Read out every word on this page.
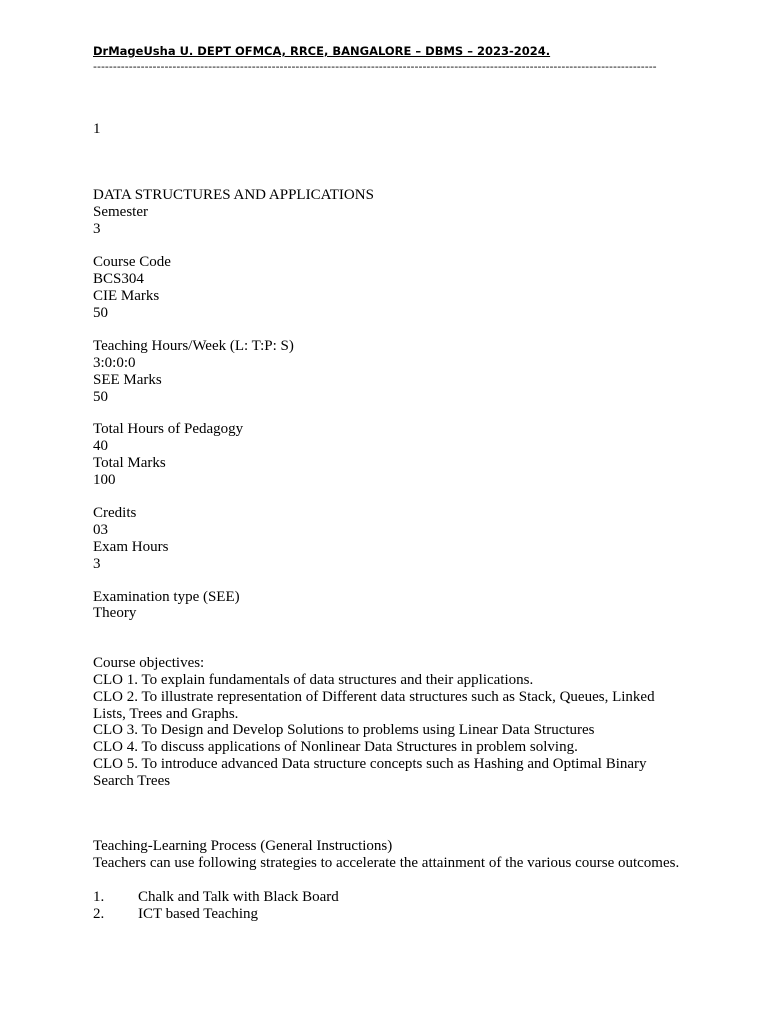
DrMageUsha U. DEPT OFMCA, RRCE, BANGALORE – DBMS – 2023-2024.
----------------------------------------------------------------------------------------------------------------------------------------------
1
DATA STRUCTURES AND APPLICATIONS
Semester
3
Course Code
BCS304
CIE Marks
50
Teaching Hours/Week (L: T:P: S)
3:0:0:0
SEE Marks
50
Total Hours of Pedagogy
40
Total Marks
100
Credits
03
Exam Hours
3
Examination type (SEE)
Theory
Course objectives:
CLO 1. To explain fundamentals of data structures and their applications.
CLO 2. To illustrate representation of Different data structures such as Stack, Queues, Linked Lists, Trees and Graphs.
CLO 3. To Design and Develop Solutions to problems using Linear Data Structures
CLO 4. To discuss applications of Nonlinear Data Structures in problem solving.
CLO 5. To introduce advanced Data structure concepts such as Hashing and Optimal Binary Search Trees
Teaching-Learning Process (General Instructions)
Teachers can use following strategies to accelerate the attainment of the various course outcomes.
1. Chalk and Talk with Black Board
2. ICT based Teaching
